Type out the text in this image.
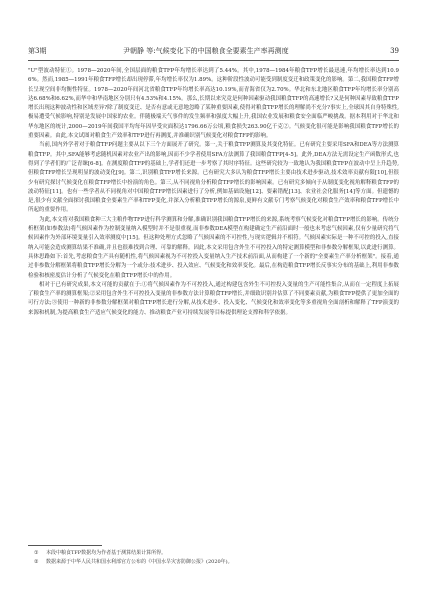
第3期	尹朝静 等:气候变化下的中国粮食全要素生产率再测度	39

"U"型波动特征①。1978—2020年间,全国层面的粮食TFP年均增长率达到了5.44%。其中,1978—1984年粮食TFP增长最迅速,年均增长率达到10.96%。然而,1985—1991年粮食TFP增长却出现停滞,年均增长率仅为1.89%。这种阶段性波动可能受到制度变迁和政策变化的影响。第二,我国粮食TFP增长呈现空间非均衡性特征。1978—2020年间河北省粮食TFP年均增长率高达10.19%,而青海省仅为2.70%。华北和东北地区粮食TFP年均增长率分别高达6.68%和6.62%,而华中和华南地区分别只有4.53%和4.15%。那么,长期以来究竟是何种因素驱动我国粮食TFP的高速增长?又是何种因素导致粮食TFP增长出现这种波动性和区域差异?除了制度变迁、是否有意或无意地忽略了某种重要因素,使得对粮食TFP增长的理解尚不充分?事实上,全球因其自身特殊性,极易遭受气候影响,特别是发展中国家的农业。伴随极端天气事件的发生频率和强度大幅上升,我国农业发展和粮食安全面临严峻挑战。据本利用对于华北和华东地区的统计,2000—2019年间我国平均每年因旱受灾面积达1796.66万公顷,粮食损失263.90亿千克②。气候变化很可能是影响我国粮食TFP增长的重要因素。由此,本文试图对粮食生产效率和TFP进行再测度,并准确识别气候变化对粮食TFP的影响。

当前,国内外学者对于粮食TFP问题主要从以下三个方面展开了研究。第一,关于粮食TFP测算及其变化特征。已有研究主要采用SFA和DEA等方法测算粮食TFP。其中,SFA能够考虑随机因素对农业产出的影响,因而不少学者使用SFA方法测算了我国粮食TFP[4-5]。此外,DEA方法无需设定生产函数形式,也得到了学者们的广泛青睐[6-8]。在测度粮食TFP的基础上,学者们还进一步考察了其时序特征。这些研究较为一致地认为我国粮食TFP在波动中呈上升趋势,但粮食TFP增长呈现明显的波动变化[9]。第二,识别粮食TFP增长来源。已有研究大多认为粮食TFP增长主要由技术进步驱动,技术效率贡献有限[10],但很少有研究探讨气候变化在粮食TFP增长中扮演的角色。第三,从不同视角分析粮食TFP增长的影响因素。已有研究多倾向于从制度变化视角解释粮食TFP的波动特征[11]。也有一些学者从不同视角对中国粮食TFP增长因素进行了分析,例如基础设施[12]、要素错配[13]、农业社会化服务[14]等方面。但遗憾的是,很少有文献全面探讨我国粮食全要素生产率和TFP变化,并深入分析粮食TFP增长的源泉,更鲜有文献专门考察气候变化对粮食生产效率和粮食TFP增长中所起的重要作用。

为此,本文将对我国粮食种三大主粮作物TFP进行科学测算和分解,准确识别我国粮食TFP增长的来源,系统考察气候变化对粮食TFP增长的影响。传统分析框架(如参数法)将气候因素作为控制变量纳入模型时并不是很重视,而非参数DEA模型在构建确定生产前沿面时一般也未考虑气候因素,仅有少量研究将气候因素作为外部环境变量引入效率测度中[15]。但这种处理方式忽略了气候因素的不可控性,与现实逻辑并不相符。气候因素实际是一种不可控的投入,直接纳入可能会造成测算结果不准确,并且也很难找到合理、可靠的解释。因此,本文采用包含外生不可控投入的特定测算模型和非参数分解框架,以此进行测算。具体思路如下:首先,考虑粮食生产具有随机性,将气候因素视为不可控投入变量纳入生产技术前沿面,从而构建了一个新的"全要素生产率分析框架"。接着,通过非参数分解框架将粮食TFP增长分解为一个或分:技术进步、投入效应、气候变化和效率变化。最后,在构造粮食TFP增长反事实分布的基础上,利用非参数检验和核密度估计分析了气候变化在粮食TFP增长中的作用。

相对于已有研究成果,本文可能的贡献在于:①将气候因素作为不可控投入,通过构建包含外生不可控投入变量的生产可能性集合,从而在一定程度上拓展了粮食生产率的测算框架;②采用包含外生不可控投入变量的非参数方法计算粮食TFP增长,并细致识别并估算了不同要素贡献,为粮食TFP提供了更加全面的可行方法;③使用一种新的非参数分解框架对粮食TFP增长进行分解,从技术进步、投入变化、气候变化和效率变化等多重视角全面剖析和解释了TFP演变的来源和机制,为提高粮食生产适应气候变化的能力、推动粮食产业可持续发展等目标提供理论支撑和科学依据。

① 本段中粮食TFP数据均为作者基于测算结果计算所得。
② 数据来源于中华人民共和国水利部官方公布的《中国水旱灾害防御公报》(2020年)。
